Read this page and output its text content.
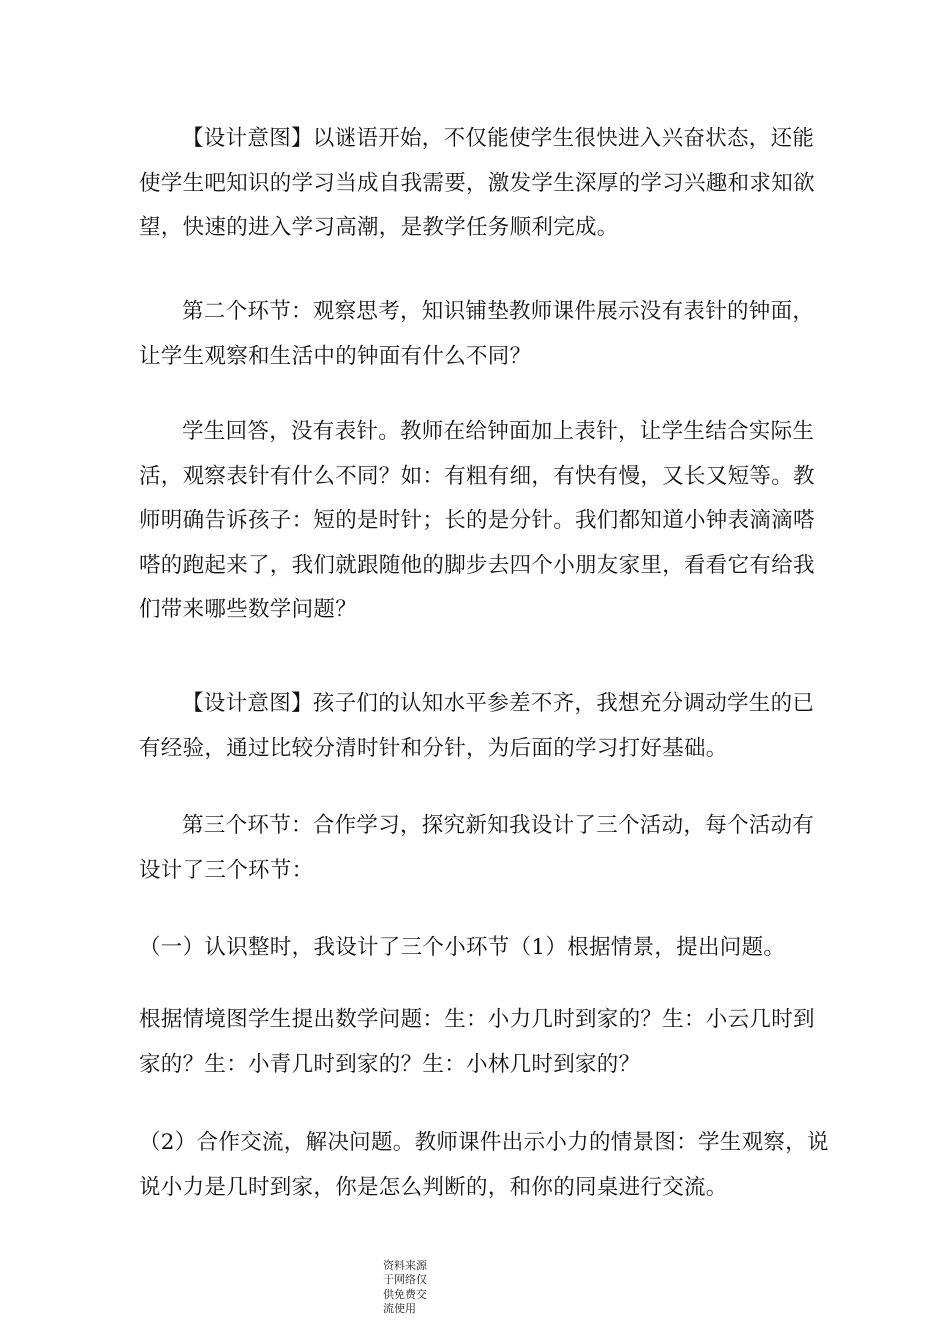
【设计意图】以谜语开始，不仅能使学生很快进入兴奋状态，还能使学生吧知识的学习当成自我需要，激发学生深厚的学习兴趣和求知欲望，快速的进入学习高潮，是教学任务顺利完成。

第二个环节：观察思考，知识铺垫教师课件展示没有表针的钟面，让学生观察和生活中的钟面有什么不同？

学生回答，没有表针。教师在给钟面加上表针，让学生结合实际生活，观察表针有什么不同？如：有粗有细，有快有慢，又长又短等。教师明确告诉孩子：短的是时针；长的是分针。我们都知道小钟表滴滴嗒嗒的跑起来了，我们就跟随他的脚步去四个小朋友家里，看看它有给我们带来哪些数学问题？

【设计意图】孩子们的认知水平参差不齐，我想充分调动学生的已有经验，通过比较分清时针和分针，为后面的学习打好基础。

第三个环节：合作学习，探究新知我设计了三个活动，每个活动有设计了三个环节：

（一）认识整时，我设计了三个小环节（1）根据情景，提出问题。

根据情境图学生提出数学问题：生：小力几时到家的？生：小云几时到家的？生：小青几时到家的？生：小林几时到家的？

（2）合作交流，解决问题。教师课件出示小力的情景图：学生观察，说说小力是几时到家，你是怎么判断的，和你的同桌进行交流。

资料来源于网络仅供免费交流使用
